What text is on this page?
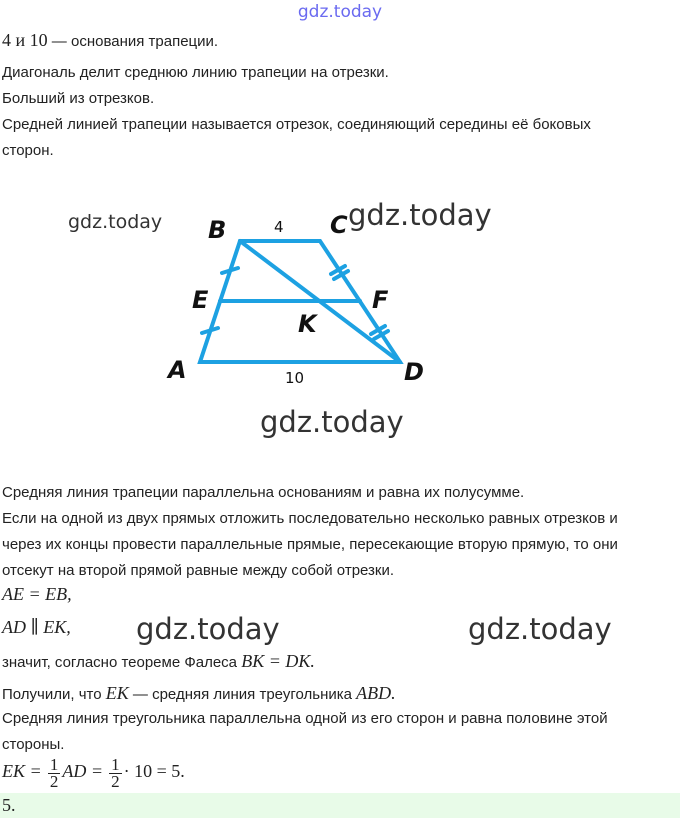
gdz.today
4 и 10 — основания трапеции.
Диагональ делит среднюю линию трапеции на отрезки.
Больший из отрезков.
Средней линией трапеции называется отрезок, соединяющий середины её боковых
сторон.
B	C
E	F
K
A	D
4
10
gdz.today	gdz.today
gdz.today
Средняя линия трапеции параллельна основаниям и равна их полусумме.
Если на одной из двух прямых отложить последовательно несколько равных отрезков и
через их концы провести параллельные прямые, пересекающие вторую прямую, то они
отсекут на второй прямой равные между собой отрезки.
AE = EB,
AD ∥ EK, gdz.today	gdz.today
значит, согласно теореме Фалеса BK = DK.
Получили, что EK — средняя линия треугольника ABD.
Средняя линия треугольника параллельна одной из его сторон и равна половине этой
стороны.
EK = $\frac{1}{2}$ AD = $\frac{1}{2} \cdot 10 = 5$.
5.
